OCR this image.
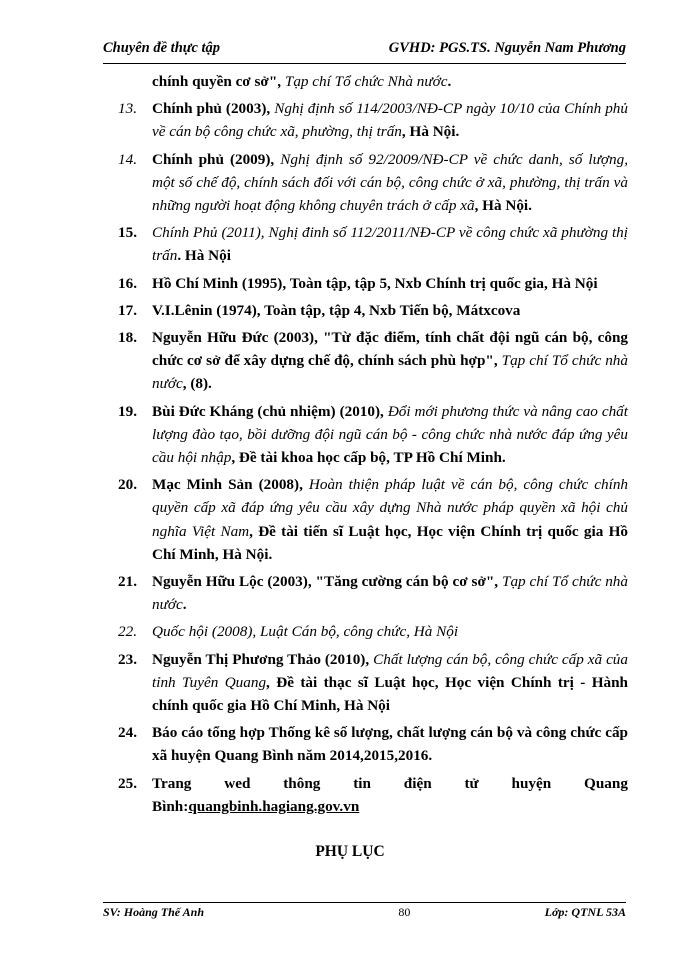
Chuyên đề thực tập	GVHD: PGS.TS. Nguyễn Nam Phương
chính quyền cơ sở", Tạp chí Tổ chức Nhà nước.
13. Chính phủ (2003), Nghị định số 114/2003/NĐ-CP ngày 10/10 của Chính phủ về cán bộ công chức xã, phường, thị trấn, Hà Nội.
14. Chính phủ (2009), Nghị định số 92/2009/NĐ-CP về chức danh, số lượng, một số chế độ, chính sách đối với cán bộ, công chức ở xã, phường, thị trấn và những người hoạt động không chuyên trách ở cấp xã, Hà Nội.
15. Chính Phủ (2011), Nghị đinh số 112/2011/NĐ-CP về công chức xã phường thị trấn. Hà Nội
16. Hồ Chí Minh (1995), Toàn tập, tập 5, Nxb Chính trị quốc gia, Hà Nội
17. V.I.Lênin (1974), Toàn tập, tập 4, Nxb Tiến bộ, Mátxcova
18. Nguyễn Hữu Đức (2003), "Từ đặc điểm, tính chất đội ngũ cán bộ, công chức cơ sở để xây dựng chế độ, chính sách phù hợp", Tạp chí Tổ chức nhà nước, (8).
19. Bùi Đức Kháng (chủ nhiệm) (2010), Đổi mới phương thức và nâng cao chất lượng đào tạo, bồi dưỡng đội ngũ cán bộ - công chức nhà nước đáp ứng yêu cầu hội nhập, Đề tài khoa học cấp bộ, TP Hồ Chí Minh.
20. Mạc Minh Sản (2008), Hoàn thiện pháp luật về cán bộ, công chức chính quyền cấp xã đáp ứng yêu cầu xây dựng Nhà nước pháp quyền xã hội chủ nghĩa Việt Nam, Đề tài tiến sĩ Luật học, Học viện Chính trị quốc gia Hồ Chí Minh, Hà Nội.
21. Nguyễn Hữu Lộc (2003), "Tăng cường cán bộ cơ sở", Tạp chí Tổ chức nhà nước.
22. Quốc hội (2008), Luật Cán bộ, công chức, Hà Nội
23. Nguyễn Thị Phương Thảo (2010), Chất lượng cán bộ, công chức cấp xã của tỉnh Tuyên Quang, Đề tài thạc sĩ Luật học, Học viện Chính trị - Hành chính quốc gia Hồ Chí Minh, Hà Nội
24. Báo cáo tổng hợp Thống kê số lượng, chất lượng cán bộ và công chức cấp xã huyện Quang Bình năm 2014,2015,2016.
25. Trang wed thông tin điện tử huyện Quang
Bình:quangbinh.hagiang.gov.vn
PHỤ LỤC
SV: Hoàng Thế Anh	80	Lớp: QTNL 53A
